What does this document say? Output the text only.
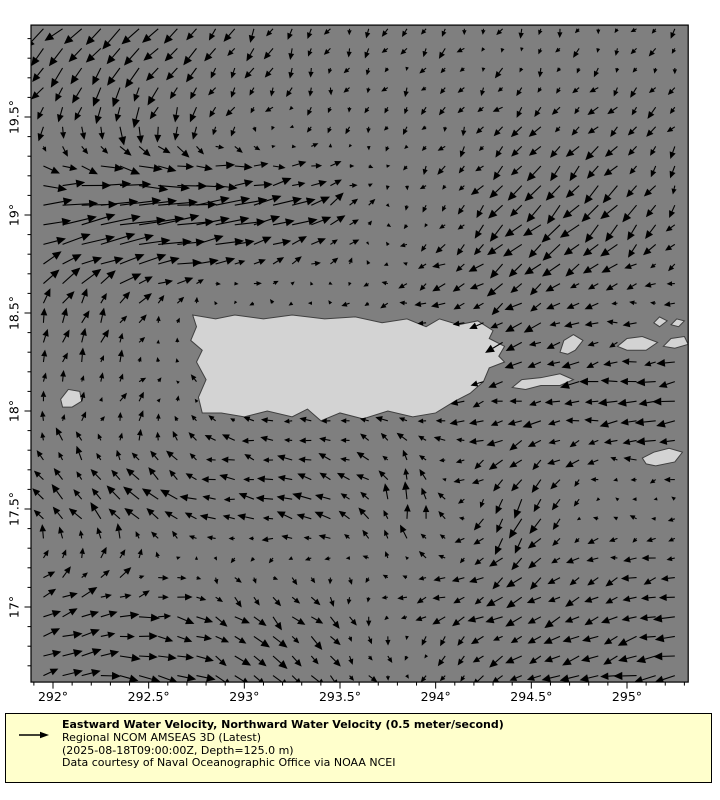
292°	292.5°	293°	293.5°	294°	294.5°	295°
19.5°
19°
18.5°
18°
17.5°
17°
Eastward Water Velocity, Northward Water Velocity (0.5 meter/second)
Regional NCOM AMSEAS 3D (Latest)
(2025-08-18T09:00:00Z, Depth=125.0 m)
Data courtesy of Naval Oceanographic Office via NOAA NCEI
